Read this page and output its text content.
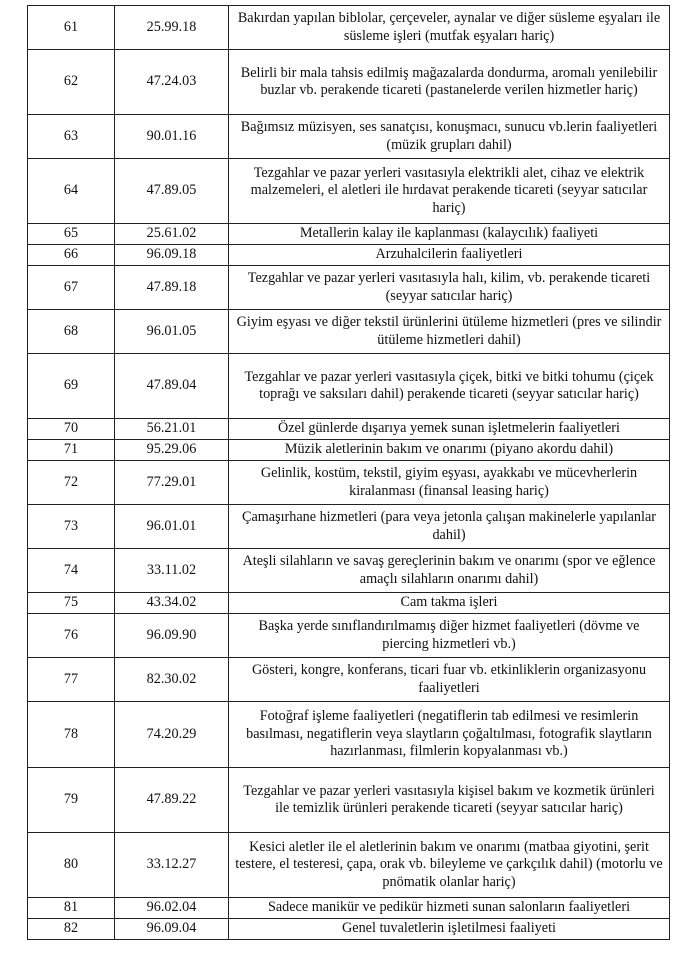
61	25.99.18	Bakırdan yapılan biblolar, çerçeveler, aynalar ve diğer süsleme eşyaları ile süsleme işleri (mutfak eşyaları hariç)
62	47.24.03	Belirli bir mala tahsis edilmiş mağazalarda dondurma, aromalı yenilebilir buzlar vb. perakende ticareti (pastanelerde verilen hizmetler hariç)
63	90.01.16	Bağımsız müzisyen, ses sanatçısı, konuşmacı, sunucu vb.lerin faaliyetleri (müzik grupları dahil)
64	47.89.05	Tezgahlar ve pazar yerleri vasıtasıyla elektrikli alet, cihaz ve elektrik malzemeleri, el aletleri ile hırdavat perakende ticareti (seyyar satıcılar hariç)
65	25.61.02	Metallerin kalay ile kaplanması (kalaycılık) faaliyeti
66	96.09.18	Arzuhalcilerin faaliyetleri
67	47.89.18	Tezgahlar ve pazar yerleri vasıtasıyla halı, kilim, vb. perakende ticareti (seyyar satıcılar hariç)
68	96.01.05	Giyim eşyası ve diğer tekstil ürünlerini ütüleme hizmetleri (pres ve silindir ütüleme hizmetleri dahil)
69	47.89.04	Tezgahlar ve pazar yerleri vasıtasıyla çiçek, bitki ve bitki tohumu (çiçek toprağı ve saksıları dahil) perakende ticareti (seyyar satıcılar hariç)
70	56.21.01	Özel günlerde dışarıya yemek sunan işletmelerin faaliyetleri
71	95.29.06	Müzik aletlerinin bakım ve onarımı (piyano akordu dahil)
72	77.29.01	Gelinlik, kostüm, tekstil, giyim eşyası, ayakkabı ve mücevherlerin kiralanması (finansal leasing hariç)
73	96.01.01	Çamaşırhane hizmetleri (para veya jetonla çalışan makinelerle yapılanlar dahil)
74	33.11.02	Ateşli silahların ve savaş gereçlerinin bakım ve onarımı (spor ve eğlence amaçlı silahların onarımı dahil)
75	43.34.02	Cam takma işleri
76	96.09.90	Başka yerde sınıflandırılmamış diğer hizmet faaliyetleri (dövme ve piercing hizmetleri vb.)
77	82.30.02	Gösteri, kongre, konferans, ticari fuar vb. etkinliklerin organizasyonu faaliyetleri
78	74.20.29	Fotoğraf işleme faaliyetleri (negatiflerin tab edilmesi ve resimlerin basılması, negatiflerin veya slaytların çoğaltılması, fotografik slaytların hazırlanması, filmlerin kopyalanması vb.)
79	47.89.22	Tezgahlar ve pazar yerleri vasıtasıyla kişisel bakım ve kozmetik ürünleri ile temizlik ürünleri perakende ticareti (seyyar satıcılar hariç)
80	33.12.27	Kesici aletler ile el aletlerinin bakım ve onarımı (matbaa giyotini, şerit testere, el testeresi, çapa, orak vb. bileyleme ve çarkçılık dahil) (motorlu ve pnömatik olanlar hariç)
81	96.02.04	Sadece manikür ve pedikür hizmeti sunan salonların faaliyetleri
82	96.09.04	Genel tuvaletlerin işletilmesi faaliyeti
